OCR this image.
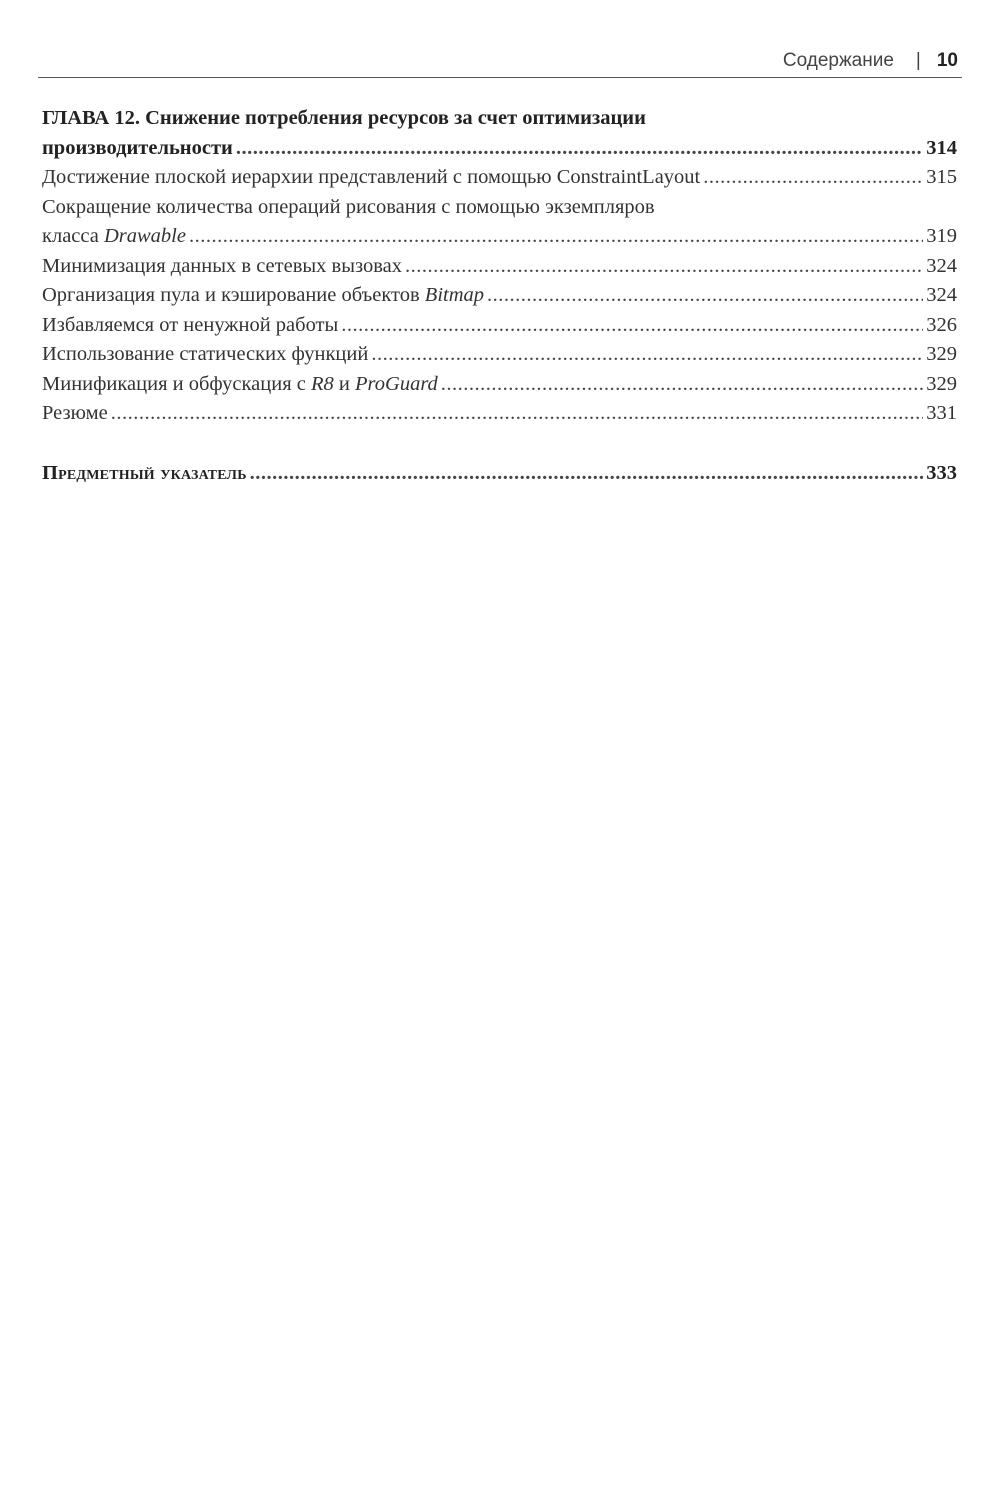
Содержание | 10
ГЛАВА 12. Снижение потребления ресурсов за счет оптимизации
производительности .....	314
Достижение плоской иерархии представлений с помощью ConstraintLayout .....	315
Сокращение количества операций рисования с помощью экземпляров
класса Drawable .....	319
Минимизация данных в сетевых вызовах .....	324
Организация пула и кэширование объектов Bitmap .....	324
Избавляемся от ненужной работы .....	326
Использование статических функций .....	329
Минификация и обфускация с R8 и ProGuard .....	329
Резюме .....	331
Предметный указатель .....	333
